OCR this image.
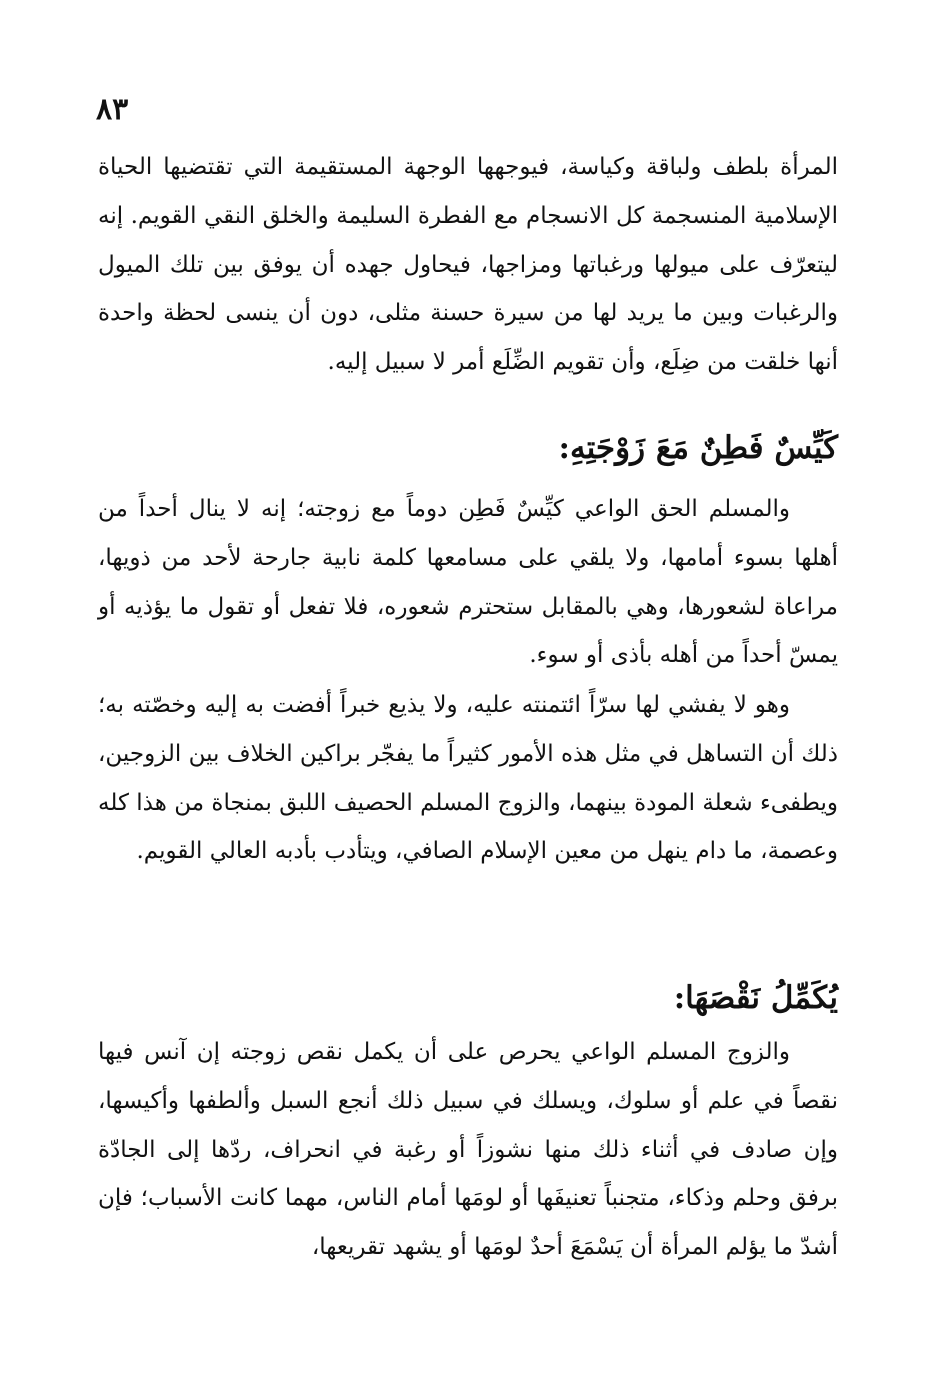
٨٣

المرأة بلطف ولباقة وكياسة، فيوجهها الوجهة المستقيمة التي تقتضيها الحياة الإسلامية المنسجمة كل الانسجام مع الفطرة السليمة والخلق النقي القويم. إنه ليتعرّف على ميولها ورغباتها ومزاجها، فيحاول جهده أن يوفق بين تلك الميول والرغبات وبين ما يريد لها من سيرة حسنة مثلى، دون أن ينسى لحظة واحدة أنها خلقت من ضِلَع، وأن تقويم الضِّلَع أمر لا سبيل إليه.

كَيِّسٌ فَطِنٌ مَعَ زَوْجَتِهِ:

والمسلم الحق الواعي كيِّسٌ فَطِن دوماً مع زوجته؛ إنه لا ينال أحداً من أهلها بسوء أمامها، ولا يلقي على مسامعها كلمة نابية جارحة لأحد من ذويها، مراعاة لشعورها، وهي بالمقابل ستحترم شعوره، فلا تفعل أو تقول ما يؤذيه أو يمسّ أحداً من أهله بأذى أو سوء.

وهو لا يفشي لها سرّاً ائتمنته عليه، ولا يذيع خبراً أفضت به إليه وخصّته به؛ ذلك أن التساهل في مثل هذه الأمور كثيراً ما يفجّر براكين الخلاف بين الزوجين، ويطفىء شعلة المودة بينهما، والزوج المسلم الحصيف اللبق بمنجاة من هذا كله وعصمة، ما دام ينهل من معين الإسلام الصافي، ويتأدب بأدبه العالي القويم.

يُكَمِّلُ نَقْصَهَا:

والزوج المسلم الواعي يحرص على أن يكمل نقص زوجته إن آنس فيها نقصاً في علم أو سلوك، ويسلك في سبيل ذلك أنجع السبل وألطفها وأكيسها، وإن صادف في أثناء ذلك منها نشوزاً أو رغبة في انحراف، ردّها إلى الجادّة برفق وحلم وذكاء، متجنباً تعنيفَها أو لومَها أمام الناس، مهما كانت الأسباب؛ فإن أشدّ ما يؤلم المرأة أن يَسْمَعَ أحدٌ لومَها أو يشهد تقريعها،
